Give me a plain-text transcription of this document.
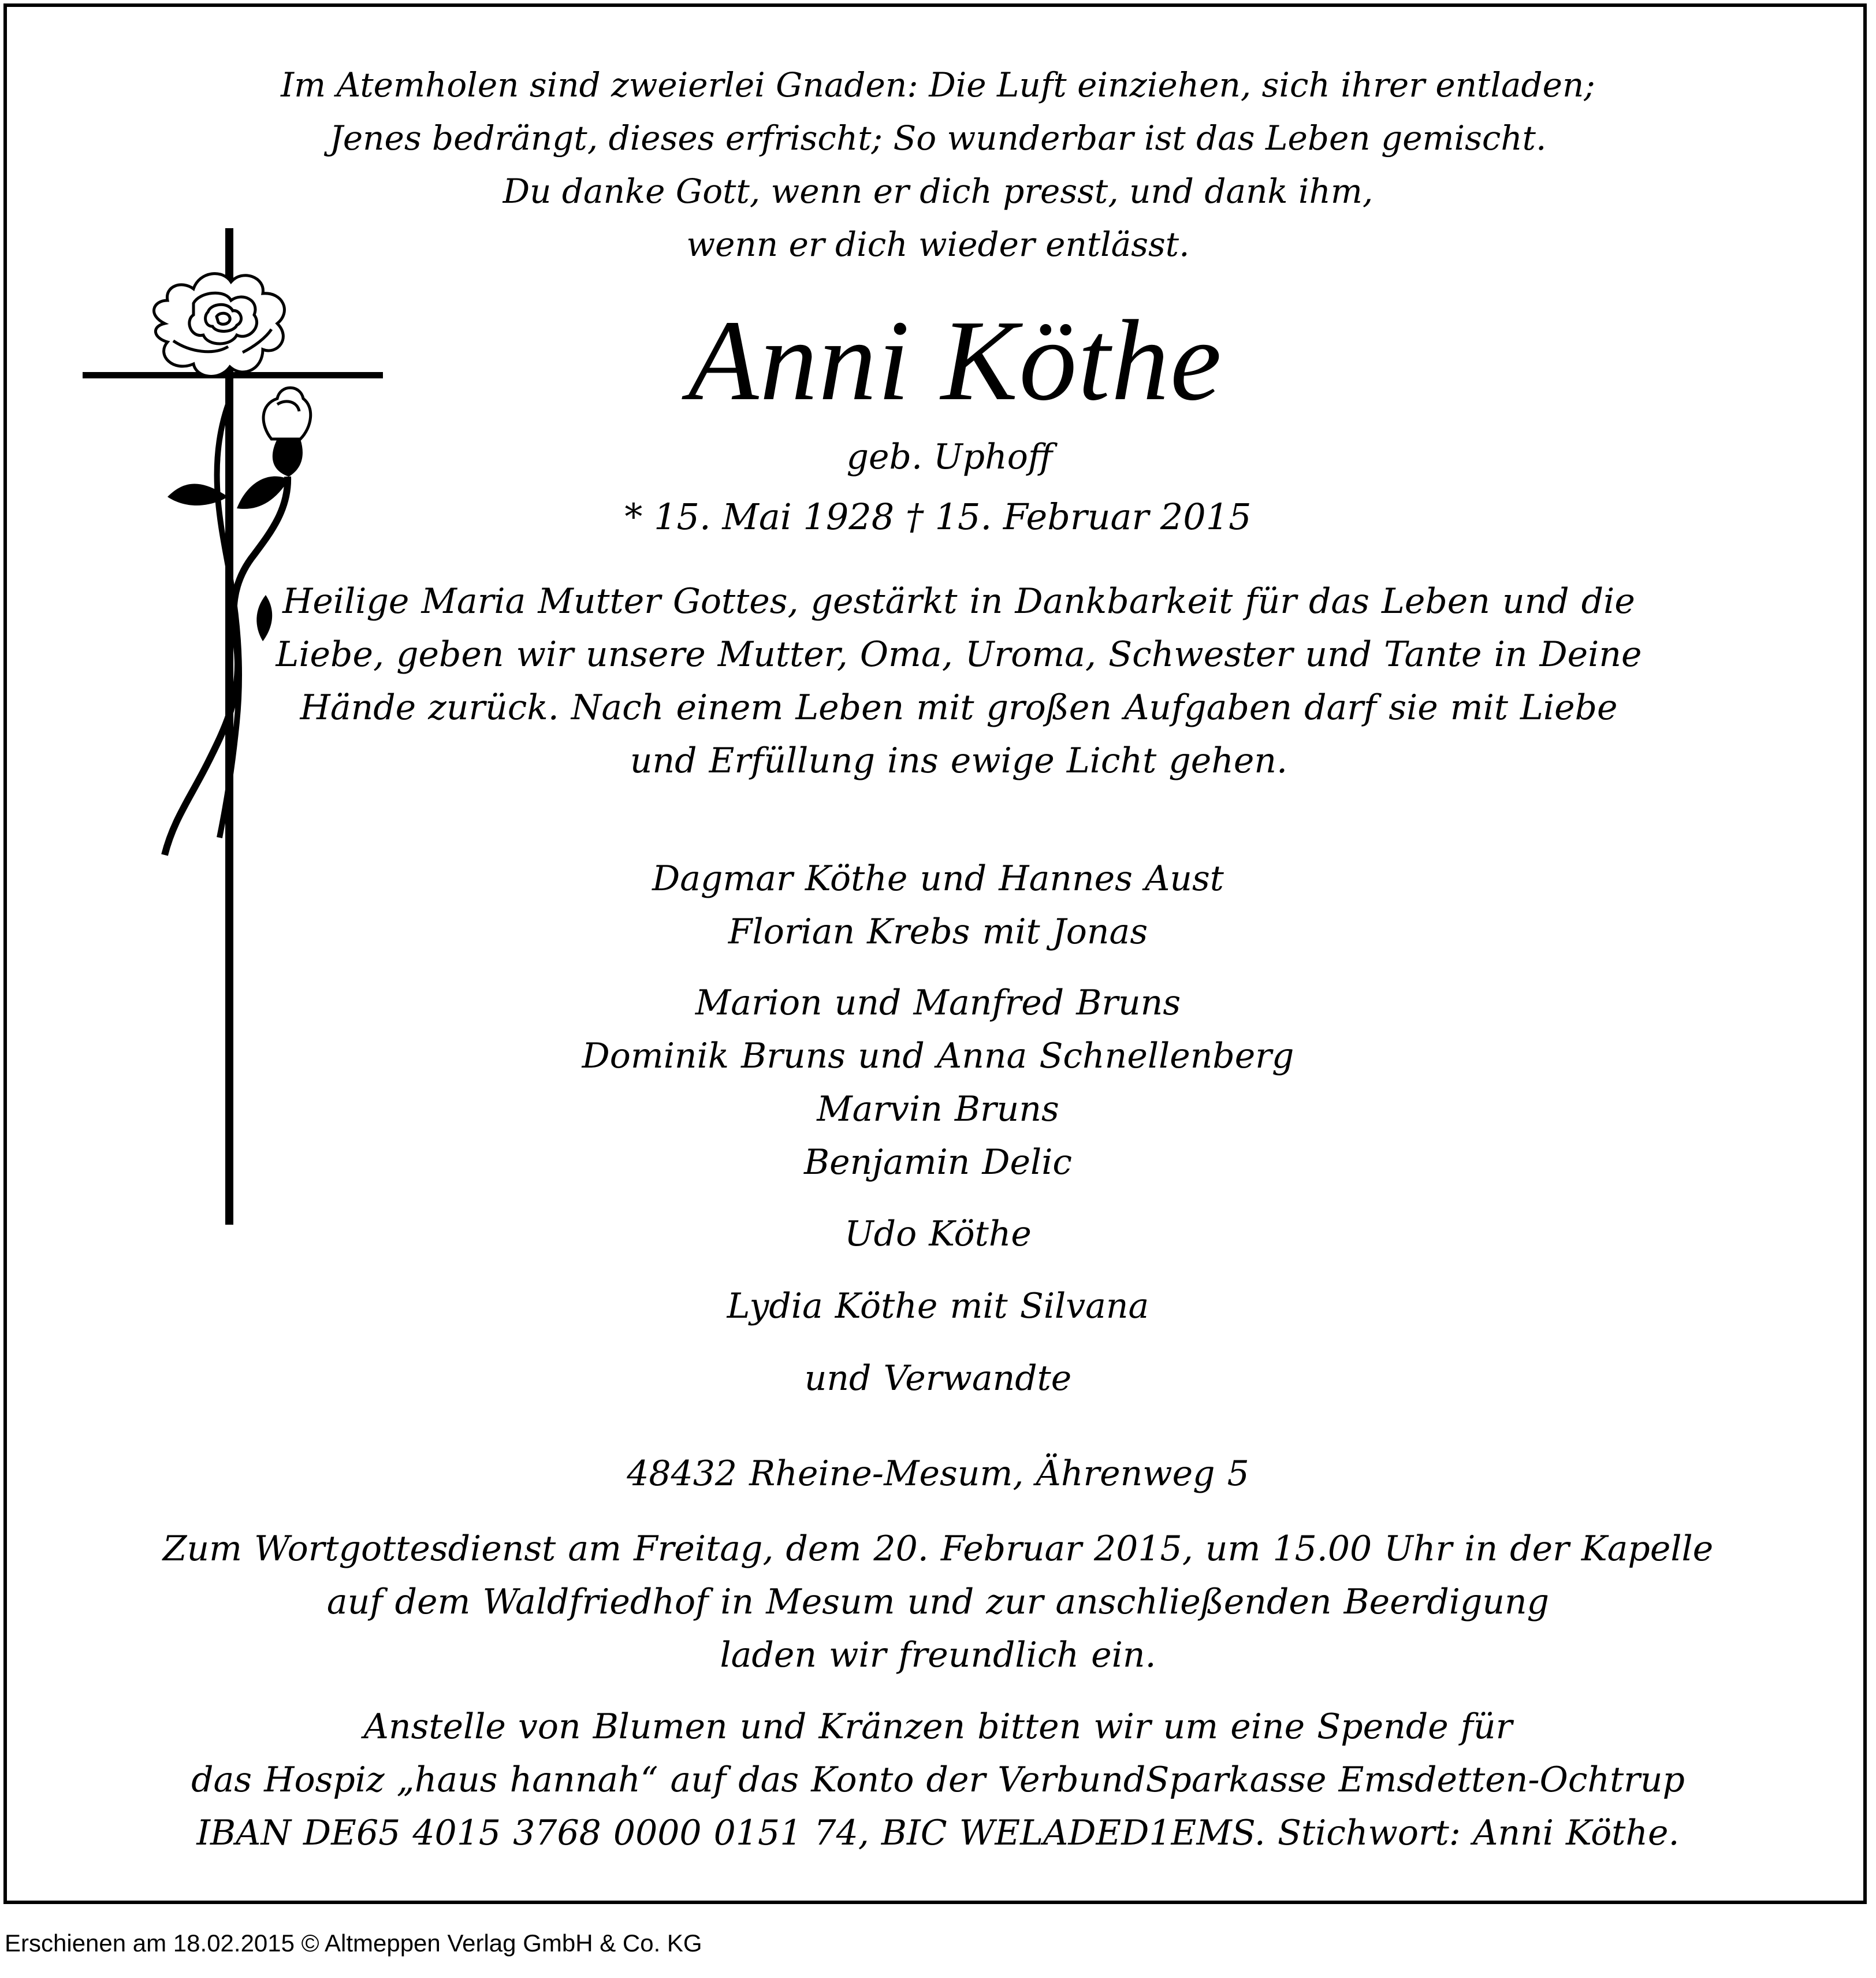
Im Atemholen sind zweierlei Gnaden: Die Luft einziehen, sich ihrer entladen;
Jenes bedrängt, dieses erfrischt; So wunderbar ist das Leben gemischt.
Du danke Gott, wenn er dich presst, und dank ihm,
wenn er dich wieder entlässt.
Anni Köthe
geb. Uphoff
* 15. Mai 1928 † 15. Februar 2015
Heilige Maria Mutter Gottes, gestärkt in Dankbarkeit für das Leben und die
Liebe, geben wir unsere Mutter, Oma, Uroma, Schwester und Tante in Deine
Hände zurück. Nach einem Leben mit großen Aufgaben darf sie mit Liebe
und Erfüllung ins ewige Licht gehen.
Dagmar Köthe und Hannes Aust
Florian Krebs mit Jonas
Marion und Manfred Bruns
Dominik Bruns und Anna Schnellenberg
Marvin Bruns
Benjamin Delic
Udo Köthe
Lydia Köthe mit Silvana
und Verwandte
48432 Rheine-Mesum, Ährenweg 5
Zum Wortgottesdienst am Freitag, dem 20. Februar 2015, um 15.00 Uhr in der Kapelle
auf dem Waldfriedhof in Mesum und zur anschließenden Beerdigung
laden wir freundlich ein.
Anstelle von Blumen und Kränzen bitten wir um eine Spende für
das Hospiz „haus hannah“ auf das Konto der VerbundSparkasse Emsdetten-Ochtrup
IBAN DE65 4015 3768 0000 0151 74, BIC WELADED1EMS. Stichwort: Anni Köthe.
Erschienen am 18.02.2015 © Altmeppen Verlag GmbH & Co. KG
